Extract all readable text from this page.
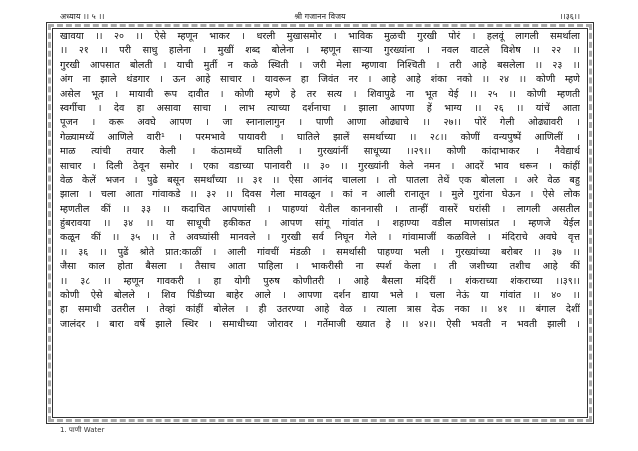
अध्याय ।। ५ ।।	श्री गजानन विजय	।।३६।।
खावया ।। २० ।। ऐसे म्हणून भाकर । धरली मुखासमोर । भाविक मुळची गुरखी पोरं । हलवूं लागली समर्थाला
।। २१ ।। परी साधु हालेना । मुखीं शब्द बोलेना । म्हणून साऱ्या गुरख्यांना । नवल वाटले विशेष ।। २२ ।।
गुरखी आपसात बोलती । याची मुर्ती न कळे स्थिती । जरी मेला म्हणावा निश्चिती । तरी आहे बसलेला ।। २३ ।।
अंग ना झाले थंडगार । ऊन आहे साचार । यावरून हा जिवंत नर । आहे आहे शंका नको ।। २४ ।। कोणी म्हणे
असेल भूत । मायावी रूप दावीत । कोणी म्हणे हे तर सत्य । शिवापुढे ना भूत येई ।। २५ ।। कोणी म्हणती
स्वर्गीचा । देव हा असावा साचा । लाभ त्याच्या दर्शनाचा । झाला आपणा हें भाग्य ।। २६ ।। यांचें आता
पूजन । करू अवघे आपण । जा स्नानालागुन । पाणी आणा ओढ्याचे ।। २७।। पोरें गेली ओढ्यावरी ।
गेळ्यामध्यें आणिले वारी¹ । परमभावे पायावरी । घातिले झालें समर्थाच्या ।। २८।। कोणीं वन्यपुष्पें आणिलीं ।
माळ त्यांची तयार केली । कंठामध्यें घातिली । गुरख्यांनीं साधूच्या ।।२९।। कोणी कांदाभाकर । नैवेद्यार्थ
साचार । दिली ठेवून समोर । एका वडाच्या पानावरी ।। ३० ।। गुरख्यांनी केले नमन । आदरें भाव धरून । कांहीं
वेळ केलें भजन । पुढे बसून समर्थांच्या ।। ३१ ।। ऐसा आनंद चालला । तो पातला तेथें एक बोलला । अरे वेळ बहु
झाला । चला आता गांवाकडे ।। ३२ ।। दिवस गेला मावळून । कां न आली रानातून । मुले गुरांना घेऊन । ऐसे लोक
म्हणतील कीं ।। ३३ ।। कदाचित आपणांसी । पाहण्यां येतील काननासी । तान्हीं वासरें घरांसी । लागली असतील
हुंबरावया ।। ३४ ।। या साधूची हकीकत । आपण सांगू गांवांत । शहाण्या वडील माणसांप्रत । म्हणजे येईल
कळून कीं ।। ३५ ।। ते अवघ्यांसी मानवले । गुरखी सर्व निघून गेले । गांवामाजीं कळविले । मंदिराचे अवघे वृत्त
।। ३६ ।। पुढें श्रोते प्रात:काळीं । आली गांवचीं मंडळी । समर्थासी पाहण्या भली । गुरख्यांच्या बरोबर ।। ३७ ।।
जैसा काल होता बैसला । तैसाच आता पाहिला । भाकरीसी ना स्पर्श केला । ती जशीच्या तशीच आहे कीं
।। ३८ ।। म्हणून गावकरी । हा योगी पुरुष कोणीतरी । आहे बैसला मंदिरीं । शंकराच्या शंकराच्या ।।३९।।
कोणी ऐसे बोलले । शिव पिंडीच्या बाहेर आले । आपणा दर्शन द्याया भले । चला नेऊं या गांवांत ।। ४० ।।
हा समाधी उतरील । तेव्हां कांहीं बोलेल । ही उतरण्या आहे वेळ । त्याला त्रास देऊ नका ।। ४१ ।। बंगाल देशीं
जालंदर । बारा वर्षे झाले स्थिर । समाधीच्या जोरावर । गर्तेमाजी ख्यात हे ।। ४२।। ऐसी भवती न भवती झाली ।
1. पाणी Water
